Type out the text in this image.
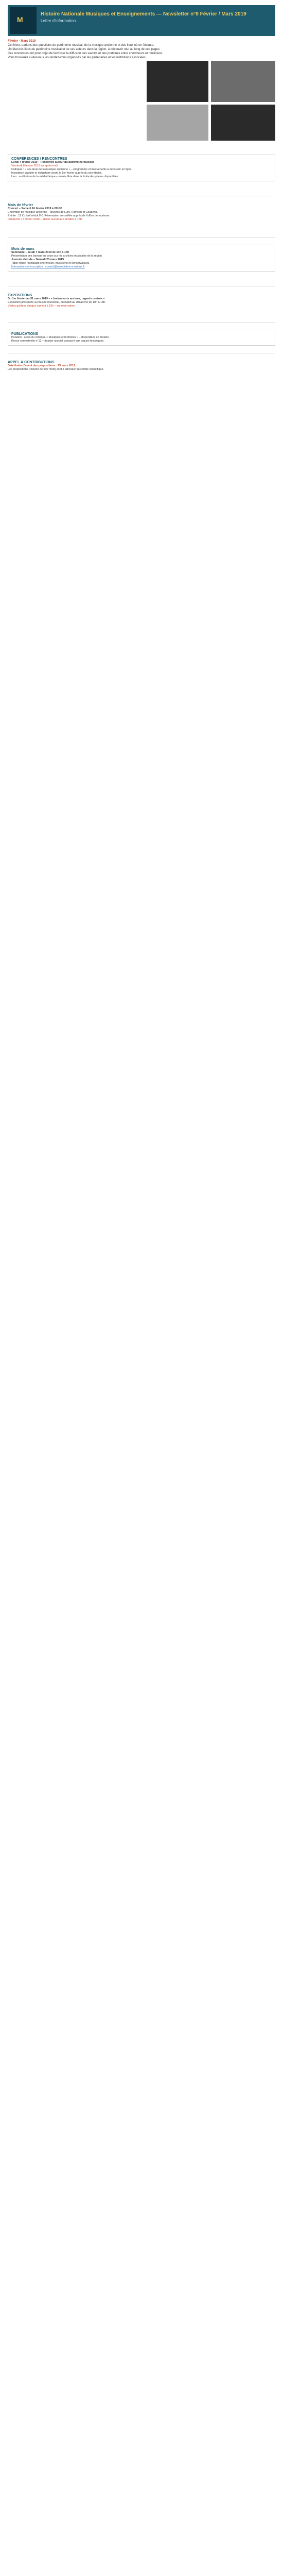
M
Histoire Nationale Musiques et Enseignements — Newsletter n°8 Février / Mars 2019
Lettre d'information
Février - Mars 2019
Cet hiver, parlons des questions du patrimoine musical, de la musique ancienne et des lieux où on l'écoute.
Un état des lieux du patrimoine musical et de ses acteurs dans la région, à découvrir tout au long de ces pages.
Ces rencontres ont pour objet de favoriser la diffusion des savoirs et des pratiques entre chercheurs et musiciens.
Vous trouverez ci-dessous les rendez-vous organisés par les partenaires et les institutions associées.
CONFÉRENCES / RENCONTRES
Lundi 4 février 2019 – Rencontre autour du patrimoine musical
Vendredi 8 février 2019 en après-midi
Colloque : « Les lieux de la musique ancienne » – programme et intervenants à découvrir en ligne.
Inscription gratuite et obligatoire avant le 1er février auprès du secrétariat.
Lieu : auditorium de la médiathèque – entrée libre dans la limite des places disponibles.
Mois de février
Concert – Samedi 16 février 2019 à 20h30
Ensemble de musique ancienne – œuvres de Lully, Rameau et Couperin.
Entrée : 12 € / tarif réduit 8 €. Réservation conseillée auprès de l'office de tourisme.
Dimanche 17 février 2019 – atelier ouvert aux familles à 15h.
Mois de mars
Séminaire – Jeudi 7 mars 2019 de 14h à 17h
Présentation des travaux en cours sur les archives musicales de la région.
Journée d'étude – Samedi 23 mars 2019
Table ronde réunissant chercheurs, musiciens et conservateurs.
Informations et inscription : contact@association-musique.fr
EXPOSITIONS
Du 1er février au 31 mars 2019 – « Instruments anciens, regards croisés »
Exposition présentée au musée municipal, du mardi au dimanche de 10h à 18h.
Visites guidées chaque samedi à 15h – sur réservation.
PUBLICATIONS
Parution : actes du colloque « Musiques et territoires » – disponibles en librairie.
Revue semestrielle n°12 – dossier spécial consacré aux orgues historiques.
APPEL À CONTRIBUTIONS
Date limite d'envoi des propositions : 15 mars 2019.
Les propositions (résumé de 500 mots) sont à adresser au comité scientifique.
